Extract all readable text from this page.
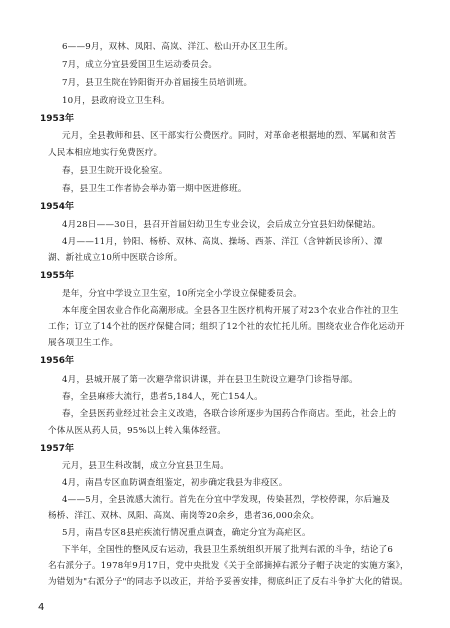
6——9月，双林、凤阳、高岚、洋江、松山开办区卫生所。
7月，成立分宜县爱国卫生运动委员会。
7月，县卫生院在钤阳街开办首届接生员培训班。
10月，县政府设立卫生科。
1953年
元月，全县教师和县、区干部实行公费医疗。同时，对革命老根据地的烈、军属和贫苦
人民本相应地实行免费医疗。
春，县卫生院开设化验室。
春，县卫生工作者协会举办第一期中医进修班。
1954年
4月28日——30日，县召开首届妇幼卫生专业会议，会后成立分宜县妇幼保健站。
4月——11月，钤阳、杨桥、双林、高岚、操场、西茶、洋江（含钟新民诊所）、潭
湖、新社成立10所中医联合诊所。
1955年
是年，分宜中学设立卫生室，10所完全小学设立保健委员会。
本年度全国农业合作化高潮形成。全县各卫生医疗机构开展了对23个农业合作社的卫生
工作；订立了14个社的医疗保健合同；组织了12个社的农忙托儿所。围绕农业合作化运动开
展各项卫生工作。
1956年
4月，县城开展了第一次避孕常识讲课，并在县卫生院设立避孕门诊指导部。
春，全县麻疹大流行，患者5,184人，死亡154人。
春，全县医药业经过社会主义改造，各联合诊所逐步为国药合作商店。至此，社会上的
个体从医从药人员，95%以上转入集体经营。
1957年
元月，县卫生科改制，成立分宜县卫生局。
4月，南昌专区血防调查组鉴定，初步确定我县为非疫区。
4——5月，全县流感大流行。首先在分宜中学发现，传染甚烈，学校停课，尔后遍及
杨桥、洋江、双林、凤阳、高岚、南岗等20余乡，患者36,000余众。
5月，南昌专区8县疟疾流行情况重点调查，确定分宜为高疟区。
下半年，全国性的整风反右运动，我县卫生系统组织开展了批判右派的斗争，结论了6
名右派分子。1978年9月17日，党中央批发《关于全部摘掉右派分子帽子决定的实施方案》，
为错划为"右派分子"的同志予以改正，并给予妥善安排，彻底纠正了反右斗争扩大化的错误。
4
